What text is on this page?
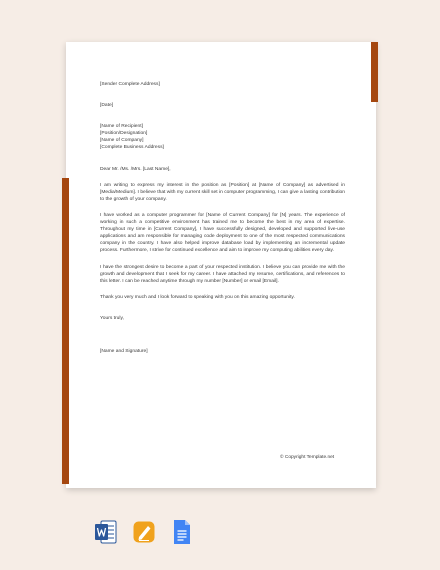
[Sender Complete Address]

[Date]

[Name of Recipient]

[Position/Designation]

[Name of Company]

[Complete Business Address]

Dear Mr. /Ms. /Mrs. [Last Name],

I am writing to express my interest in the position as [Position] at [Name of Company] as advertised in [Media/Medium]. I believe that with my current skill set in computer programming, I can give a lasting contribution to the growth of your company.

I have worked as a computer programmer for [Name of Current Company] for [N] years. The experience of working in such a competitive environment has trained me to become the best in my area of expertise. Throughout my time in [Current Company], I have successfully designed, developed and supported live-use applications and am responsible for managing code deployment to one of the most respected communications company in the country. I have also helped improve database load by implementing an incremental update process. Furthermore, I strive for continued excellence and aim to improve my computing abilities every day.

I have the strongest desire to become a part of your respected institution. I believe you can provide me with the growth and development that I seek for my career. I have attached my resume, certifications, and references to this letter. I can be reached anytime through my number [Number] or email [Email].

Thank you very much and I look forward to speaking with you on this amazing opportunity.

Yours truly,

[Name and Signature]

© Copyright Template.net
